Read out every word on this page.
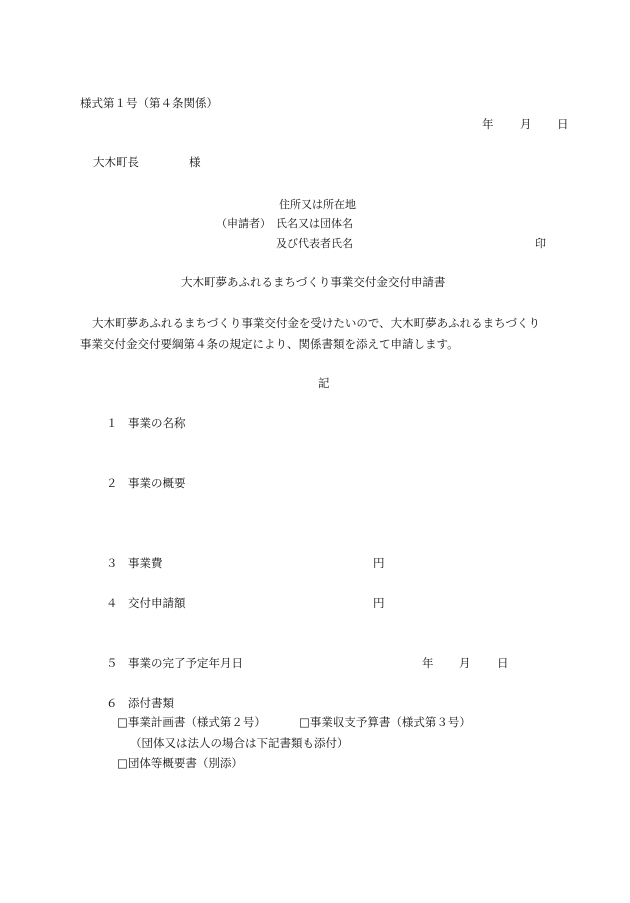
様式第１号（第４条関係）
年 月 日
大木町長	様
住所又は所在地
（申請者） 氏名又は団体名
及び代表者氏名	印
大木町夢あふれるまちづくり事業交付金交付申請書
大木町夢あふれるまちづくり事業交付金を受けたいので、大木町夢あふれるまちづくり
事業交付金交付要綱第４条の規定により、関係書類を添えて申請します。
記
１ 事業の名称
２ 事業の概要
３ 事業費	円
４ 交付申請額	円
５ 事業の完了予定年月日	年 月 日
６ 添付書類
□事業計画書（様式第２号）	□事業収支予算書（様式第３号）
（団体又は法人の場合は下記書類も添付）
□団体等概要書（別添）
